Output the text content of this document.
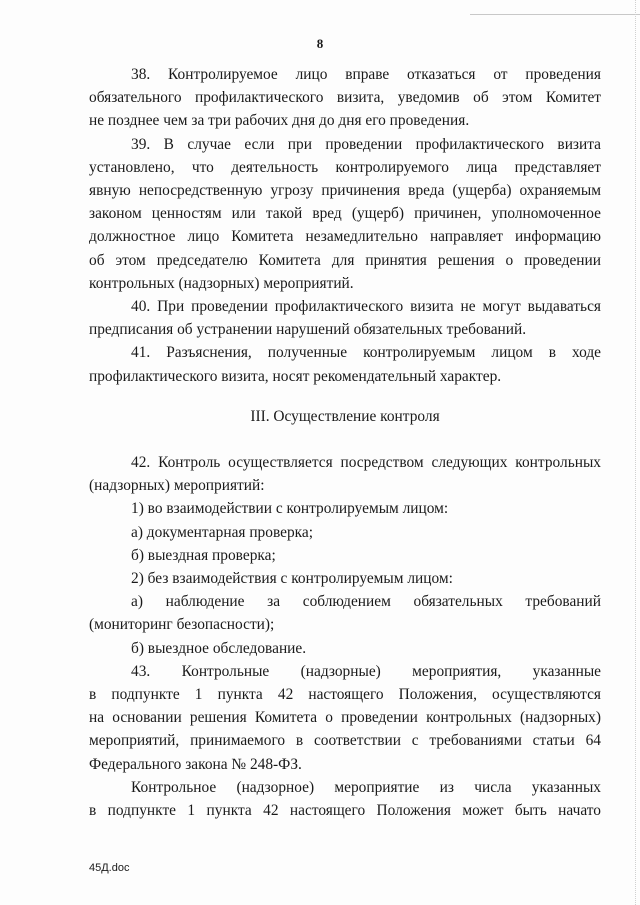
8

38. Контролируемое лицо вправе отказаться от проведения

обязательного профилактического визита, уведомив об этом Комитет

не позднее чем за три рабочих дня до дня его проведения.

39. В случае если при проведении профилактического визита

установлено, что деятельность контролируемого лица представляет

явную непосредственную угрозу причинения вреда (ущерба) охраняемым

законом ценностям или такой вред (ущерб) причинен, уполномоченное

должностное лицо Комитета незамедлительно направляет информацию

об этом председателю Комитета для принятия решения о проведении

контрольных (надзорных) мероприятий.

40. При проведении профилактического визита не могут выдаваться

предписания об устранении нарушений обязательных требований.

41. Разъяснения, полученные контролируемым лицом в ходе

профилактического визита, носят рекомендательный характер.

III. Осуществление контроля

42. Контроль осуществляется посредством следующих контрольных

(надзорных) мероприятий:

1) во взаимодействии с контролируемым лицом:

а) документарная проверка;

б) выездная проверка;

2) без взаимодействия с контролируемым лицом:

а) наблюдение за соблюдением обязательных требований

(мониторинг безопасности);

б) выездное обследование.

43. Контрольные (надзорные) мероприятия, указанные

в подпункте 1 пункта 42 настоящего Положения, осуществляются

на основании решения Комитета о проведении контрольных (надзорных)

мероприятий, принимаемого в соответствии с требованиями статьи 64

Федерального закона № 248-ФЗ.

Контрольное (надзорное) мероприятие из числа указанных

в подпункте 1 пункта 42 настоящего Положения может быть начато

45Д.doc
